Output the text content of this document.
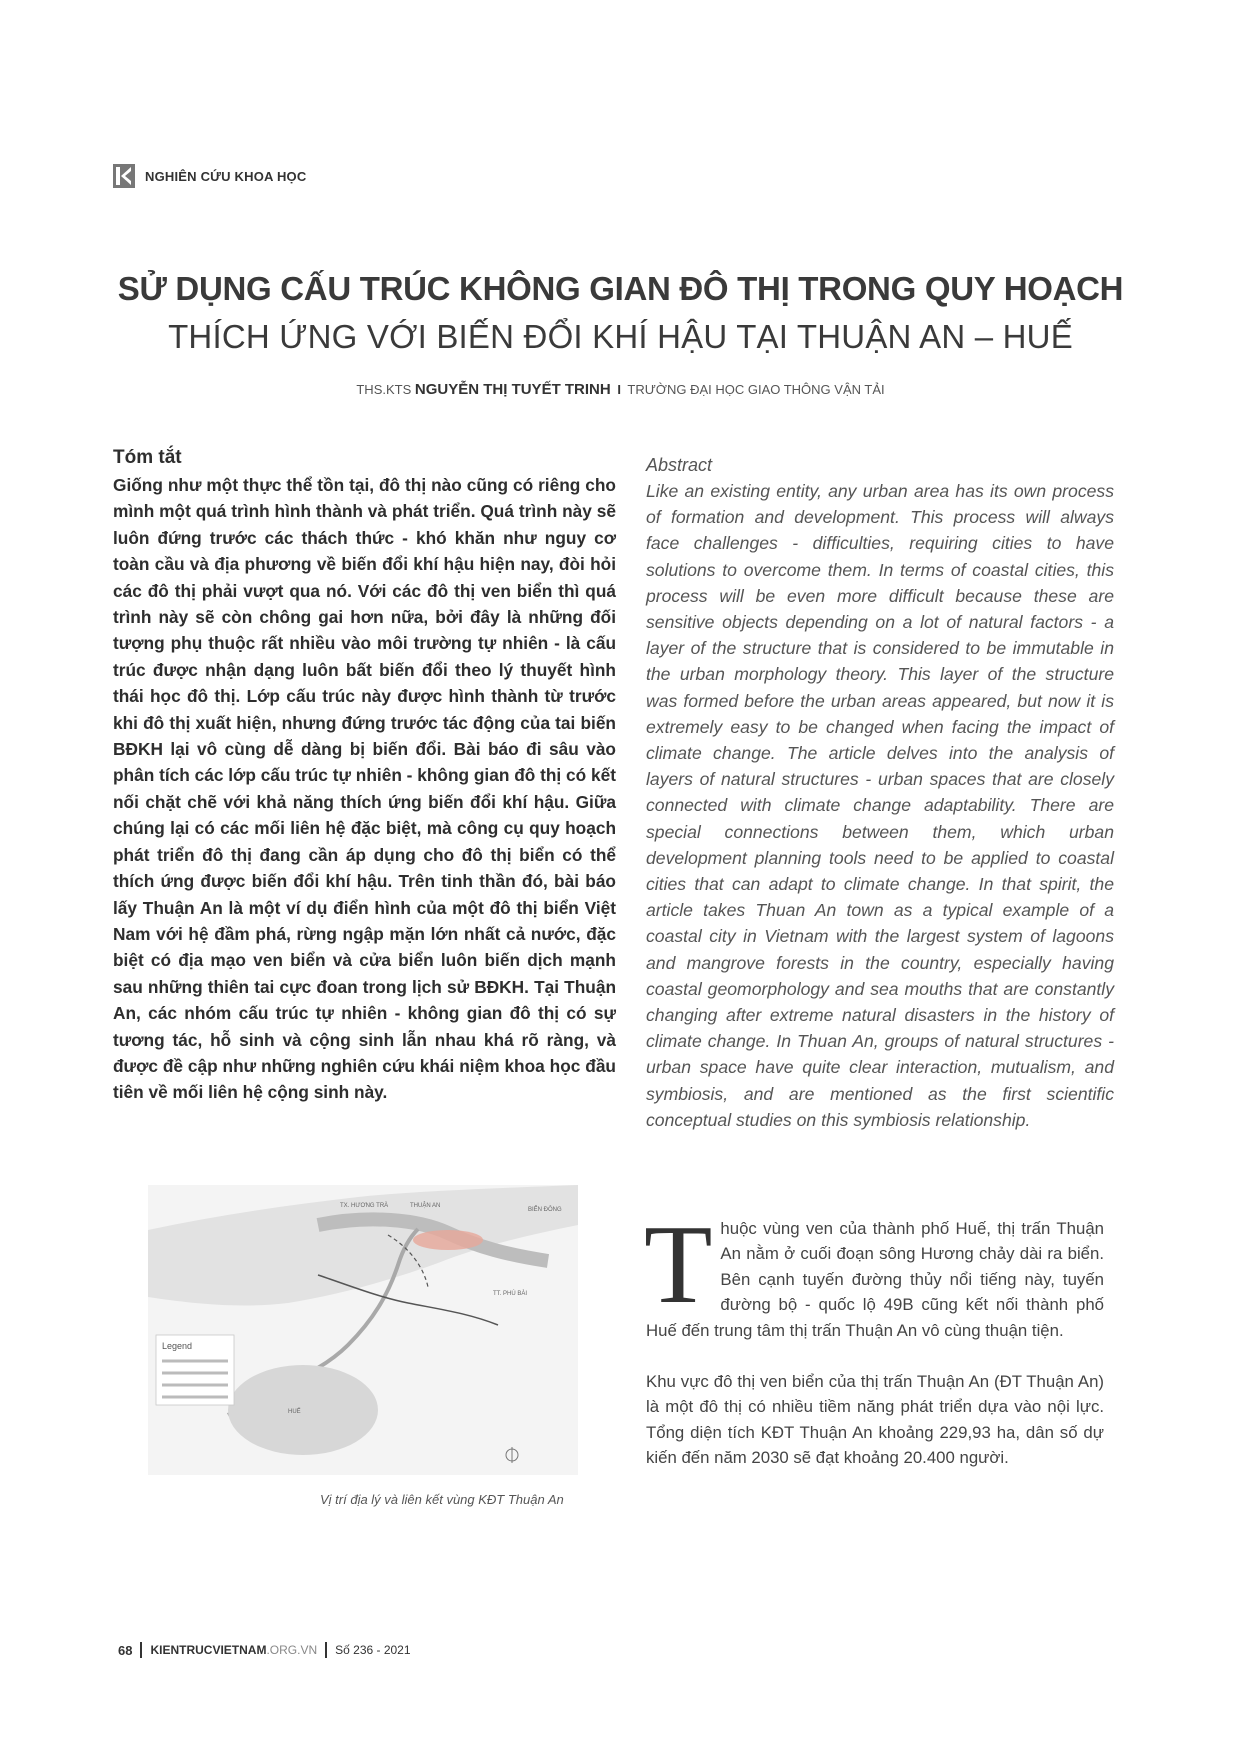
NGHIÊN CỨU KHOA HỌC
SỬ DỤNG CẤU TRÚC KHÔNG GIAN ĐÔ THỊ TRONG QUY HOẠCH
THÍCH ỨNG VỚI BIẾN ĐỔI KHÍ HẬU TẠI THUẬN AN – HUẾ
THS.KTS NGUYỄN THỊ TUYẾT TRINH I TRƯỜNG ĐẠI HỌC GIAO THÔNG VẬN TẢI
Tóm tắt
Giống như một thực thể tồn tại, đô thị nào cũng có riêng cho mình một quá trình hình thành và phát triển. Quá trình này sẽ luôn đứng trước các thách thức - khó khăn như nguy cơ toàn cầu và địa phương về biến đổi khí hậu hiện nay, đòi hỏi các đô thị phải vượt qua nó. Với các đô thị ven biển thì quá trình này sẽ còn chông gai hơn nữa, bởi đây là những đối tượng phụ thuộc rất nhiều vào môi trường tự nhiên - là cấu trúc được nhận dạng luôn bất biến đổi theo lý thuyết hình thái học đô thị. Lớp cấu trúc này được hình thành từ trước khi đô thị xuất hiện, nhưng đứng trước tác động của tai biến BĐKH lại vô cùng dễ dàng bị biến đổi. Bài báo đi sâu vào phân tích các lớp cấu trúc tự nhiên - không gian đô thị có kết nối chặt chẽ với khả năng thích ứng biến đổi khí hậu. Giữa chúng lại có các mối liên hệ đặc biệt, mà công cụ quy hoạch phát triển đô thị đang cần áp dụng cho đô thị biển có thể thích ứng được biến đổi khí hậu. Trên tinh thần đó, bài báo lấy Thuận An là một ví dụ điển hình của một đô thị biển Việt Nam với hệ đầm phá, rừng ngập mặn lớn nhất cả nước, đặc biệt có địa mạo ven biển và cửa biển luôn biến dịch mạnh sau những thiên tai cực đoan trong lịch sử BĐKH. Tại Thuận An, các nhóm cấu trúc tự nhiên - không gian đô thị có sự tương tác, hỗ sinh và cộng sinh lẫn nhau khá rõ ràng, và được đề cập như những nghiên cứu khái niệm khoa học đầu tiên về mối liên hệ cộng sinh này.
Abstract
Like an existing entity, any urban area has its own process of formation and development. This process will always face challenges - difficulties, requiring cities to have solutions to overcome them. In terms of coastal cities, this process will be even more difficult because these are sensitive objects depending on a lot of natural factors - a layer of the structure that is considered to be immutable in the urban morphology theory. This layer of the structure was formed before the urban areas appeared, but now it is extremely easy to be changed when facing the impact of climate change. The article delves into the analysis of layers of natural structures - urban spaces that are closely connected with climate change adaptability. There are special connections between them, which urban development planning tools need to be applied to coastal cities that can adapt to climate change. In that spirit, the article takes Thuan An town as a typical example of a coastal city in Vietnam with the largest system of lagoons and mangrove forests in the country, especially having coastal geomorphology and sea mouths that are constantly changing after extreme natural disasters in the history of climate change. In Thuan An, groups of natural structures - urban space have quite clear interaction, mutualism, and symbiosis, and are mentioned as the first scientific conceptual studies on this symbiosis relationship.
Legend
TX. HƯƠNG TRÀ	THUẬN AN
HUẾ
BIỂN ĐÔNG
TT. PHÚ BÀI
Vị trí địa lý và liên kết vùng KĐT Thuận An

Thuộc vùng ven của thành phố Huế, thị trấn Thuận An nằm ở cuối đoạn sông Hương chảy dài ra biển. Bên cạnh tuyến đường thủy nổi tiếng này, tuyến đường bộ - quốc lộ 49B cũng kết nối thành phố Huế đến trung tâm thị trấn Thuận An vô cùng thuận tiện.

Khu vực đô thị ven biển của thị trấn Thuận An (ĐT Thuận An) là một đô thị có nhiều tiềm năng phát triển dựa vào nội lực. Tổng diện tích KĐT Thuận An khoảng 229,93 ha, dân số dự kiến đến năm 2030 sẽ đạt khoảng 20.400 người.

68 KIENTRUCVIETNAM .ORG.VN Số 236 - 2021
